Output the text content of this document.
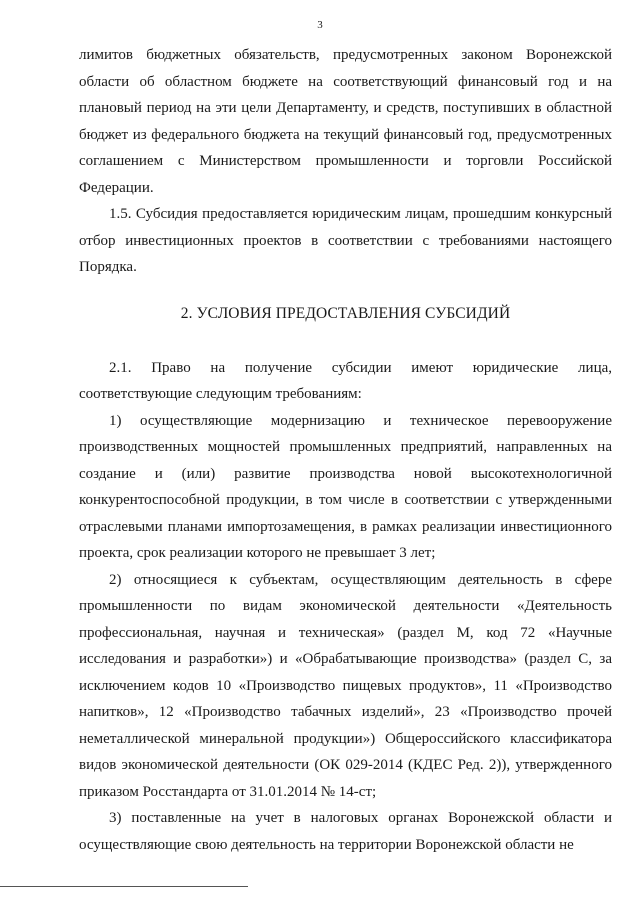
3

лимитов бюджетных обязательств, предусмотренных законом Воронежской области об областном бюджете на соответствующий финансовый год и на плановый период на эти цели Департаменту, и средств, поступивших в областной бюджет из федерального бюджета на текущий финансовый год, предусмотренных соглашением с Министерством промышленности и торговли Российской Федерации.

1.5. Субсидия предоставляется юридическим лицам, прошедшим конкурсный отбор инвестиционных проектов в соответствии с требованиями настоящего Порядка.

2. УСЛОВИЯ ПРЕДОСТАВЛЕНИЯ СУБСИДИЙ

2.1. Право на получение субсидии имеют юридические лица, соответствующие следующим требованиям:

1) осуществляющие модернизацию и техническое перевооружение производственных мощностей промышленных предприятий, направленных на создание и (или) развитие производства новой высокотехнологичной конкурентоспособной продукции, в том числе в соответствии с утвержденными отраслевыми планами импортозамещения, в рамках реализации инвестиционного проекта, срок реализации которого не превышает 3 лет;

2) относящиеся к субъектам, осуществляющим деятельность в сфере промышленности по видам экономической деятельности «Деятельность профессиональная, научная и техническая» (раздел M, код 72 «Научные исследования и разработки») и «Обрабатывающие производства» (раздел С, за исключением кодов 10 «Производство пищевых продуктов», 11 «Производство напитков», 12 «Производство табачных изделий», 23 «Производство прочей неметаллической минеральной продукции») Общероссийского классификатора видов экономической деятельности (ОК 029-2014 (КДЕС Ред. 2)), утвержденного приказом Росстандарта от 31.01.2014 № 14-ст;

3) поставленные на учет в налоговых органах Воронежской области и осуществляющие свою деятельность на территории Воронежской области не
